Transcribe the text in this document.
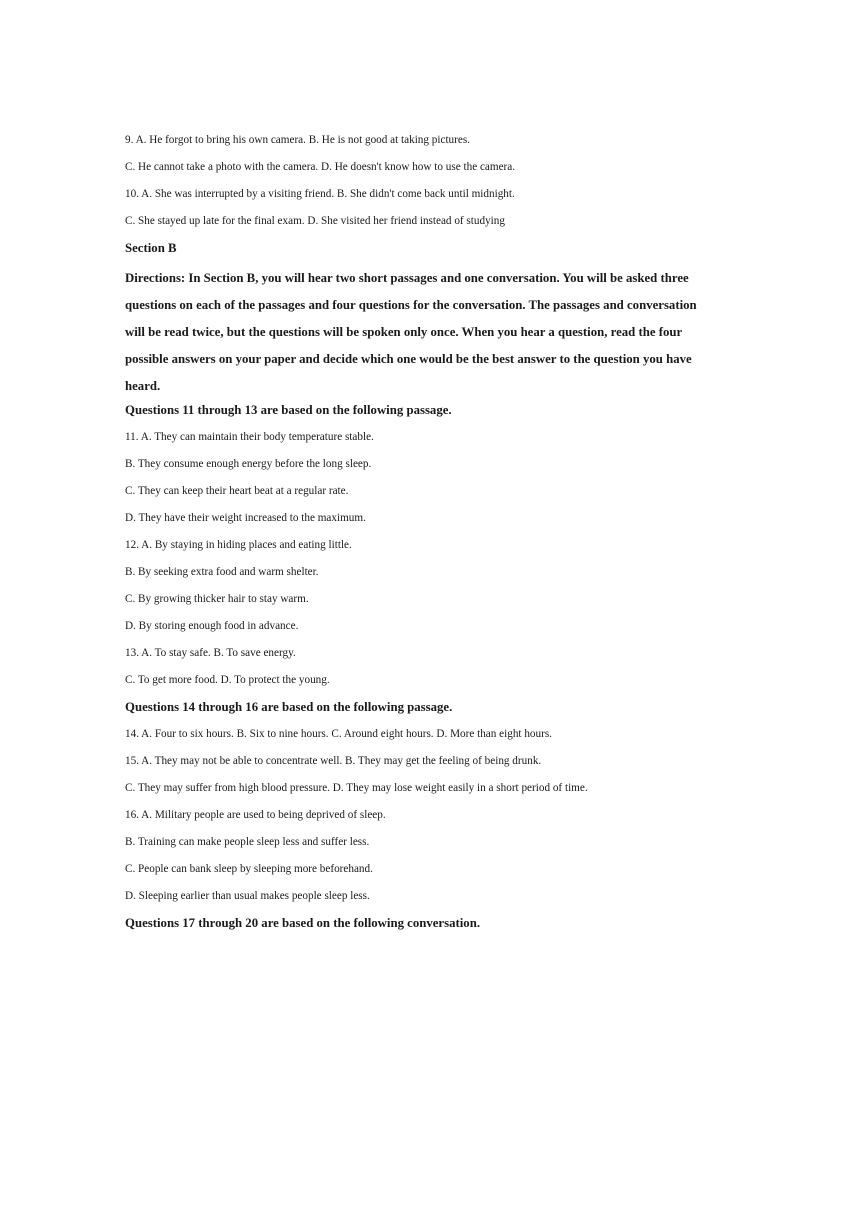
9. A. He forgot to bring his own camera. B. He is not good at taking pictures.
C. He cannot take a photo with the camera. D. He doesn't know how to use the camera.
10. A. She was interrupted by a visiting friend. B. She didn't come back until midnight.
C. She stayed up late for the final exam. D. She visited her friend instead of studying
Section B
Directions: In Section B, you will hear two short passages and one conversation. You will be asked three questions on each of the passages and four questions for the conversation. The passages and conversation will be read twice, but the questions will be spoken only once. When you hear a question, read the four possible answers on your paper and decide which one would be the best answer to the question you have heard.
Questions 11 through 13 are based on the following passage.
11. A. They can maintain their body temperature stable.
B. They consume enough energy before the long sleep.
C. They can keep their heart beat at a regular rate.
D. They have their weight increased to the maximum.
12. A. By staying in hiding places and eating little.
B. By seeking extra food and warm shelter.
C. By growing thicker hair to stay warm.
D. By storing enough food in advance.
13. A. To stay safe. B. To save energy.
C. To get more food. D. To protect the young.
Questions 14 through 16 are based on the following passage.
14. A. Four to six hours. B. Six to nine hours. C. Around eight hours. D. More than eight hours.
15. A. They may not be able to concentrate well. B. They may get the feeling of being drunk.
C. They may suffer from high blood pressure. D. They may lose weight easily in a short period of time.
16. A. Military people are used to being deprived of sleep.
B. Training can make people sleep less and suffer less.
C. People can bank sleep by sleeping more beforehand.
D. Sleeping earlier than usual makes people sleep less.
Questions 17 through 20 are based on the following conversation.
